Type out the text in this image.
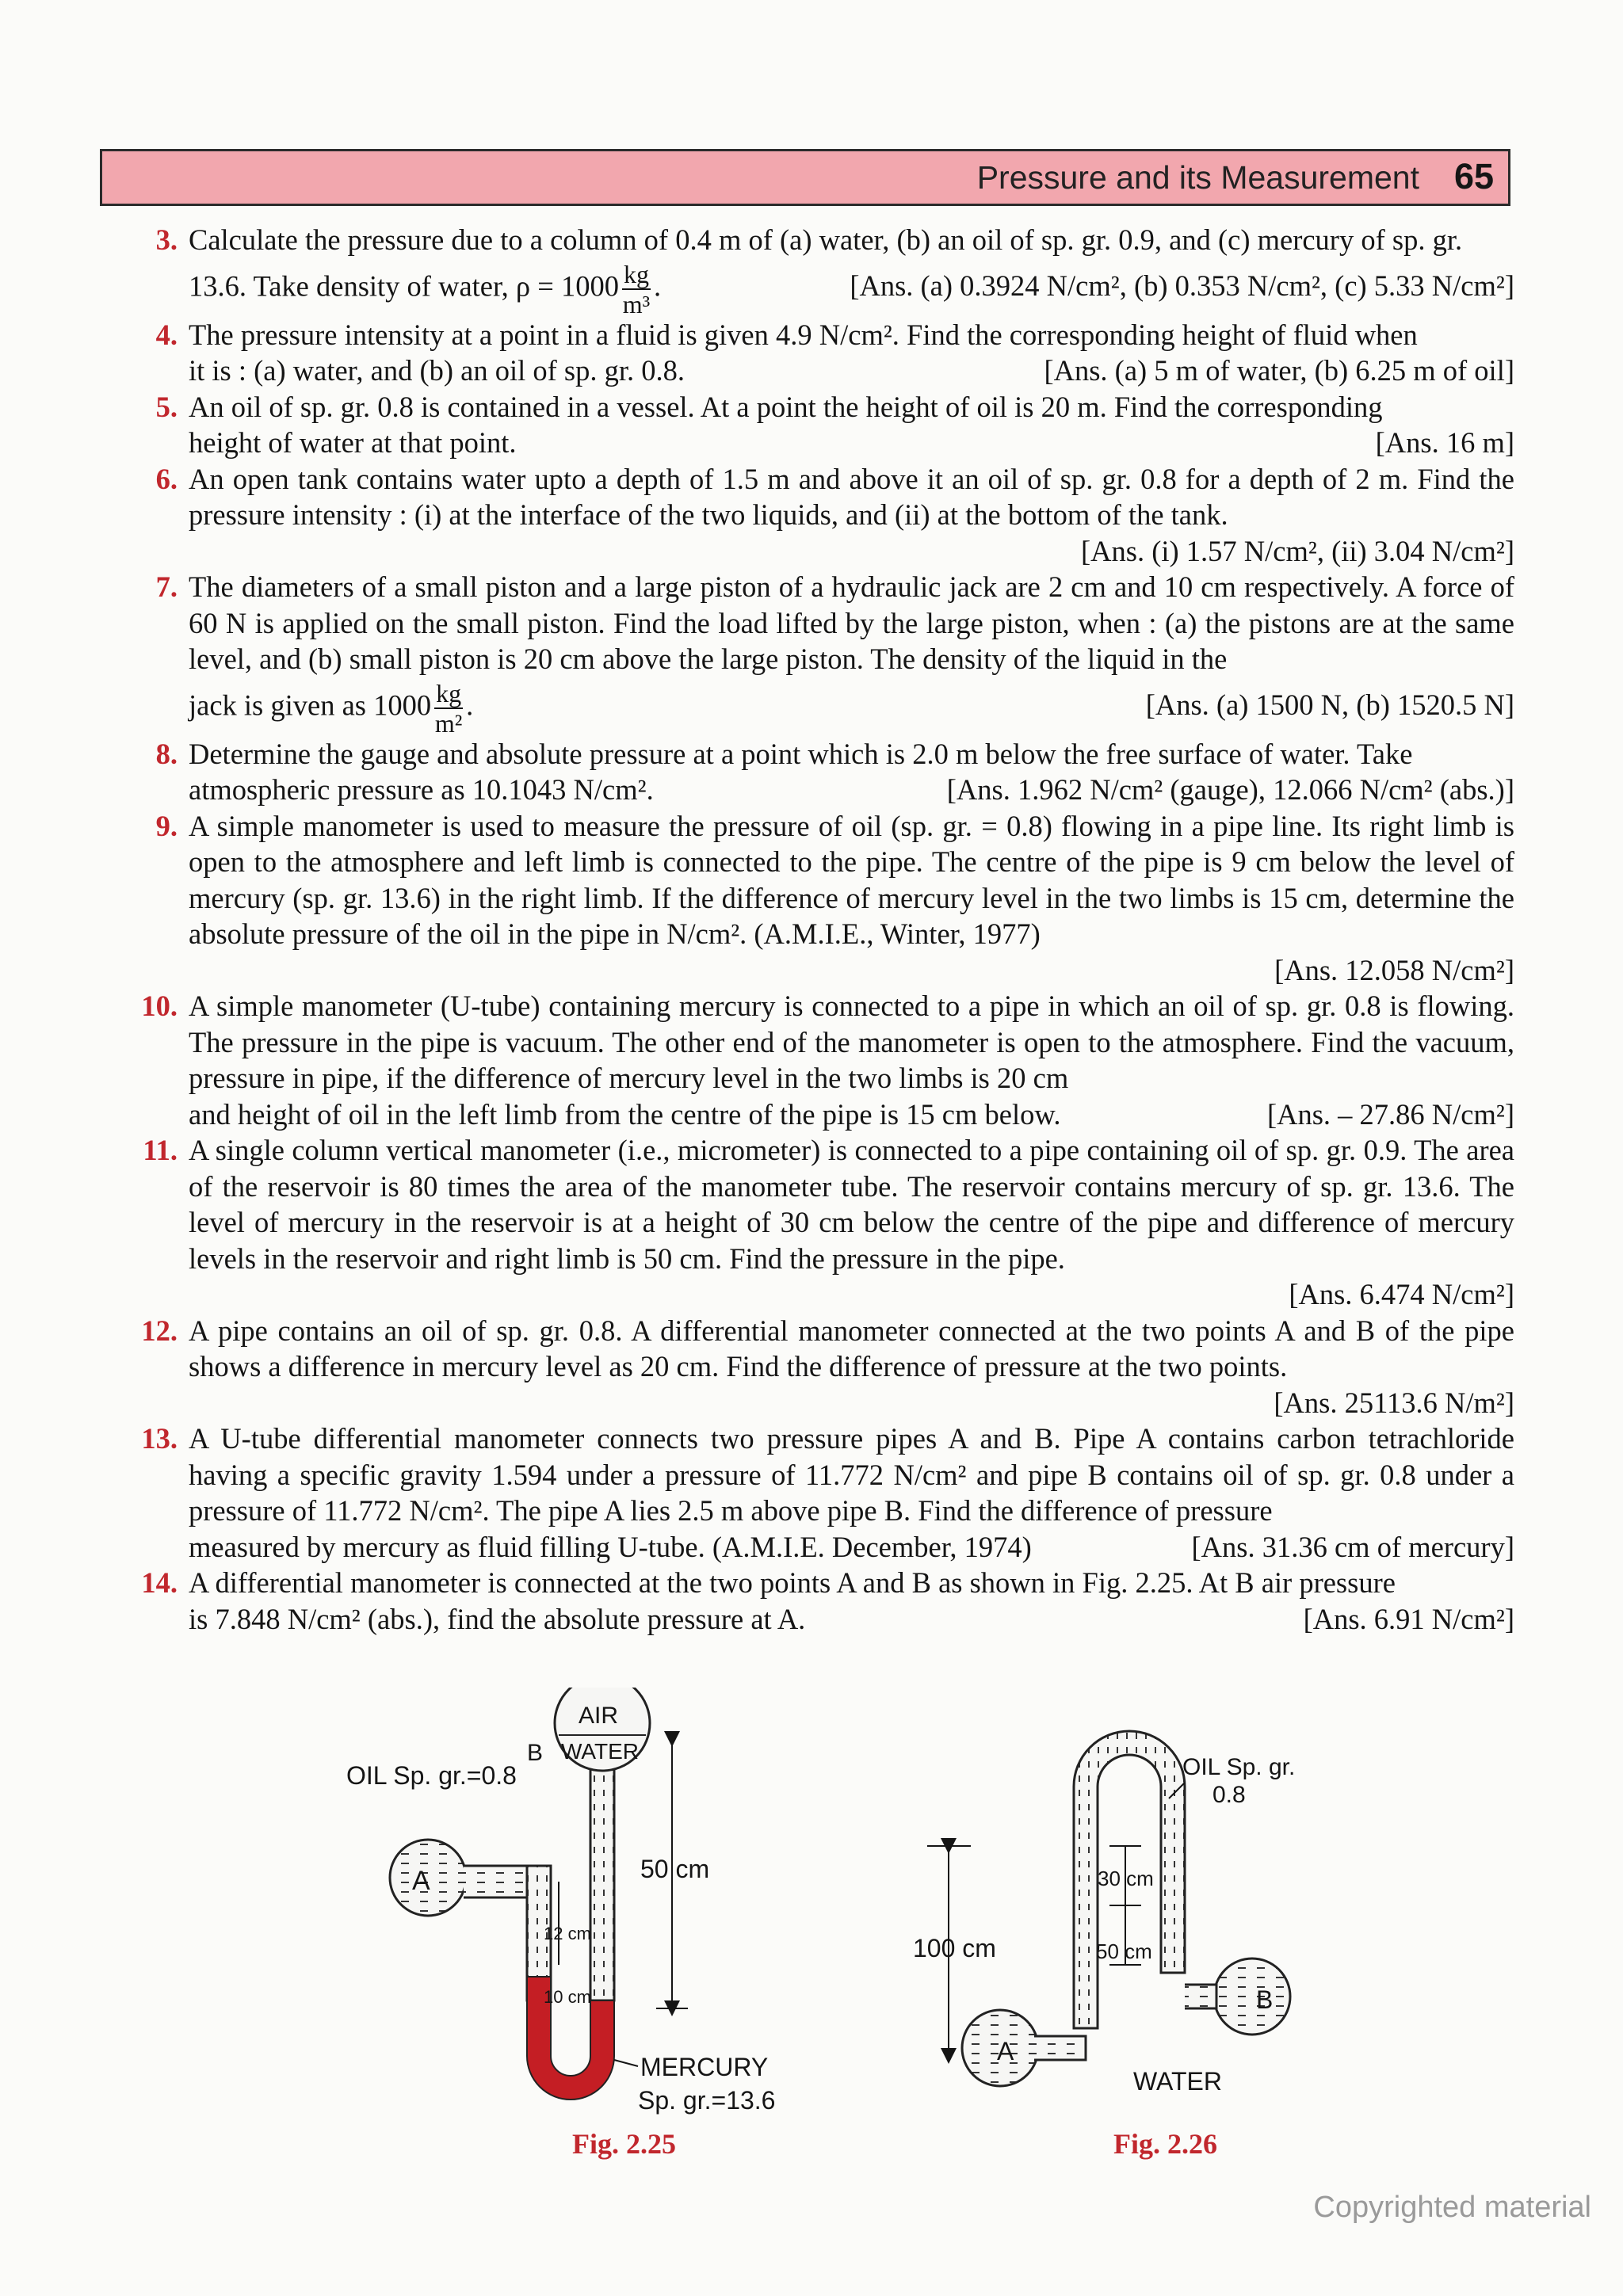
Pressure and its Measurement 65
3. Calculate the pressure due to a column of 0.4 m of (a) water, (b) an oil of sp. gr. 0.9, and (c) mercury of sp. gr.
13.6. Take density of water, $\rho = 1000 \frac{kg}{\text{m³}}$ .	[Ans. (a) 0.3924 N/cm², (b) 0.353 N/cm², (c) 5.33 N/cm²]
4. The pressure intensity at a point in a fluid is given 4.9 N/cm². Find the corresponding height of fluid when
it is : (a) water, and (b) an oil of sp. gr. 0.8.	[Ans. (a) 5 m of water, (b) 6.25 m of oil]
5. An oil of sp. gr. 0.8 is contained in a vessel. At a point the height of oil is 20 m. Find the corresponding
height of water at that point.	[Ans. 16 m]
6. An open tank contains water upto a depth of 1.5 m and above it an oil of sp. gr. 0.8 for a depth of 2 m. Find the pressure intensity : (i) at the interface of the two liquids, and (ii) at the bottom of the tank.
[Ans. (i) 1.57 N/cm², (ii) 3.04 N/cm²]
7. The diameters of a small piston and a large piston of a hydraulic jack are 2 cm and 10 cm respectively. A force of 60 N is applied on the small piston. Find the load lifted by the large piston, when : (a) the pistons are at the same level, and (b) small piston is 20 cm above the large piston. The density of the liquid in the
jack is given as $1000 \frac{kg}{\text{m²}}$ .	[Ans. (a) 1500 N, (b) 1520.5 N]
8. Determine the gauge and absolute pressure at a point which is 2.0 m below the free surface of water. Take
atmospheric pressure as 10.1043 N/cm².	[Ans. 1.962 N/cm² (gauge), 12.066 N/cm² (abs.)]
9. A simple manometer is used to measure the pressure of oil (sp. gr. = 0.8) flowing in a pipe line. Its right limb is open to the atmosphere and left limb is connected to the pipe. The centre of the pipe is 9 cm below the level of mercury (sp. gr. 13.6) in the right limb. If the difference of mercury level in the two limbs is 15 cm, determine the absolute pressure of the oil in the pipe in N/cm². (A.M.I.E., Winter, 1977)
[Ans. 12.058 N/cm²]
10. A simple manometer (U-tube) containing mercury is connected to a pipe in which an oil of sp. gr. 0.8 is flowing. The pressure in the pipe is vacuum. The other end of the manometer is open to the atmosphere. Find the vacuum, pressure in pipe, if the difference of mercury level in the two limbs is 20 cm
and height of oil in the left limb from the centre of the pipe is 15 cm below.	[Ans. – 27.86 N/cm²]
11. A single column vertical manometer (i.e., micrometer) is connected to a pipe containing oil of sp. gr. 0.9. The area of the reservoir is 80 times the area of the manometer tube. The reservoir contains mercury of sp. gr. 13.6. The level of mercury in the reservoir is at a height of 30 cm below the centre of the pipe and difference of mercury levels in the reservoir and right limb is 50 cm. Find the pressure in the pipe.
[Ans. 6.474 N/cm²]
12. A pipe contains an oil of sp. gr. 0.8. A differential manometer connected at the two points A and B of the pipe shows a difference in mercury level as 20 cm. Find the difference of pressure at the two points.
[Ans. 25113.6 N/m²]
13. A U-tube differential manometer connects two pressure pipes A and B. Pipe A contains carbon tetrachloride having a specific gravity 1.594 under a pressure of 11.772 N/cm² and pipe B contains oil of sp. gr. 0.8 under a pressure of 11.772 N/cm². The pipe A lies 2.5 m above pipe B. Find the difference of pressure
measured by mercury as fluid filling U-tube. (A.M.I.E. December, 1974)	[Ans. 31.36 cm of mercury]
14. A differential manometer is connected at the two points A and B as shown in Fig. 2.25. At B air pressure
is 7.848 N/cm² (abs.), find the absolute pressure at A.	[Ans. 6.91 N/cm²]
A
AIR
WATER
B
OIL Sp. gr.=0.8
50 cm
12 cm
10 cm
MERCURY
Sp. gr.=13.6
A
B
OIL Sp. gr.
0.8
100 cm
30 cm
50 cm
WATER
Fig. 2.25	Fig. 2.26
Copyrighted material
